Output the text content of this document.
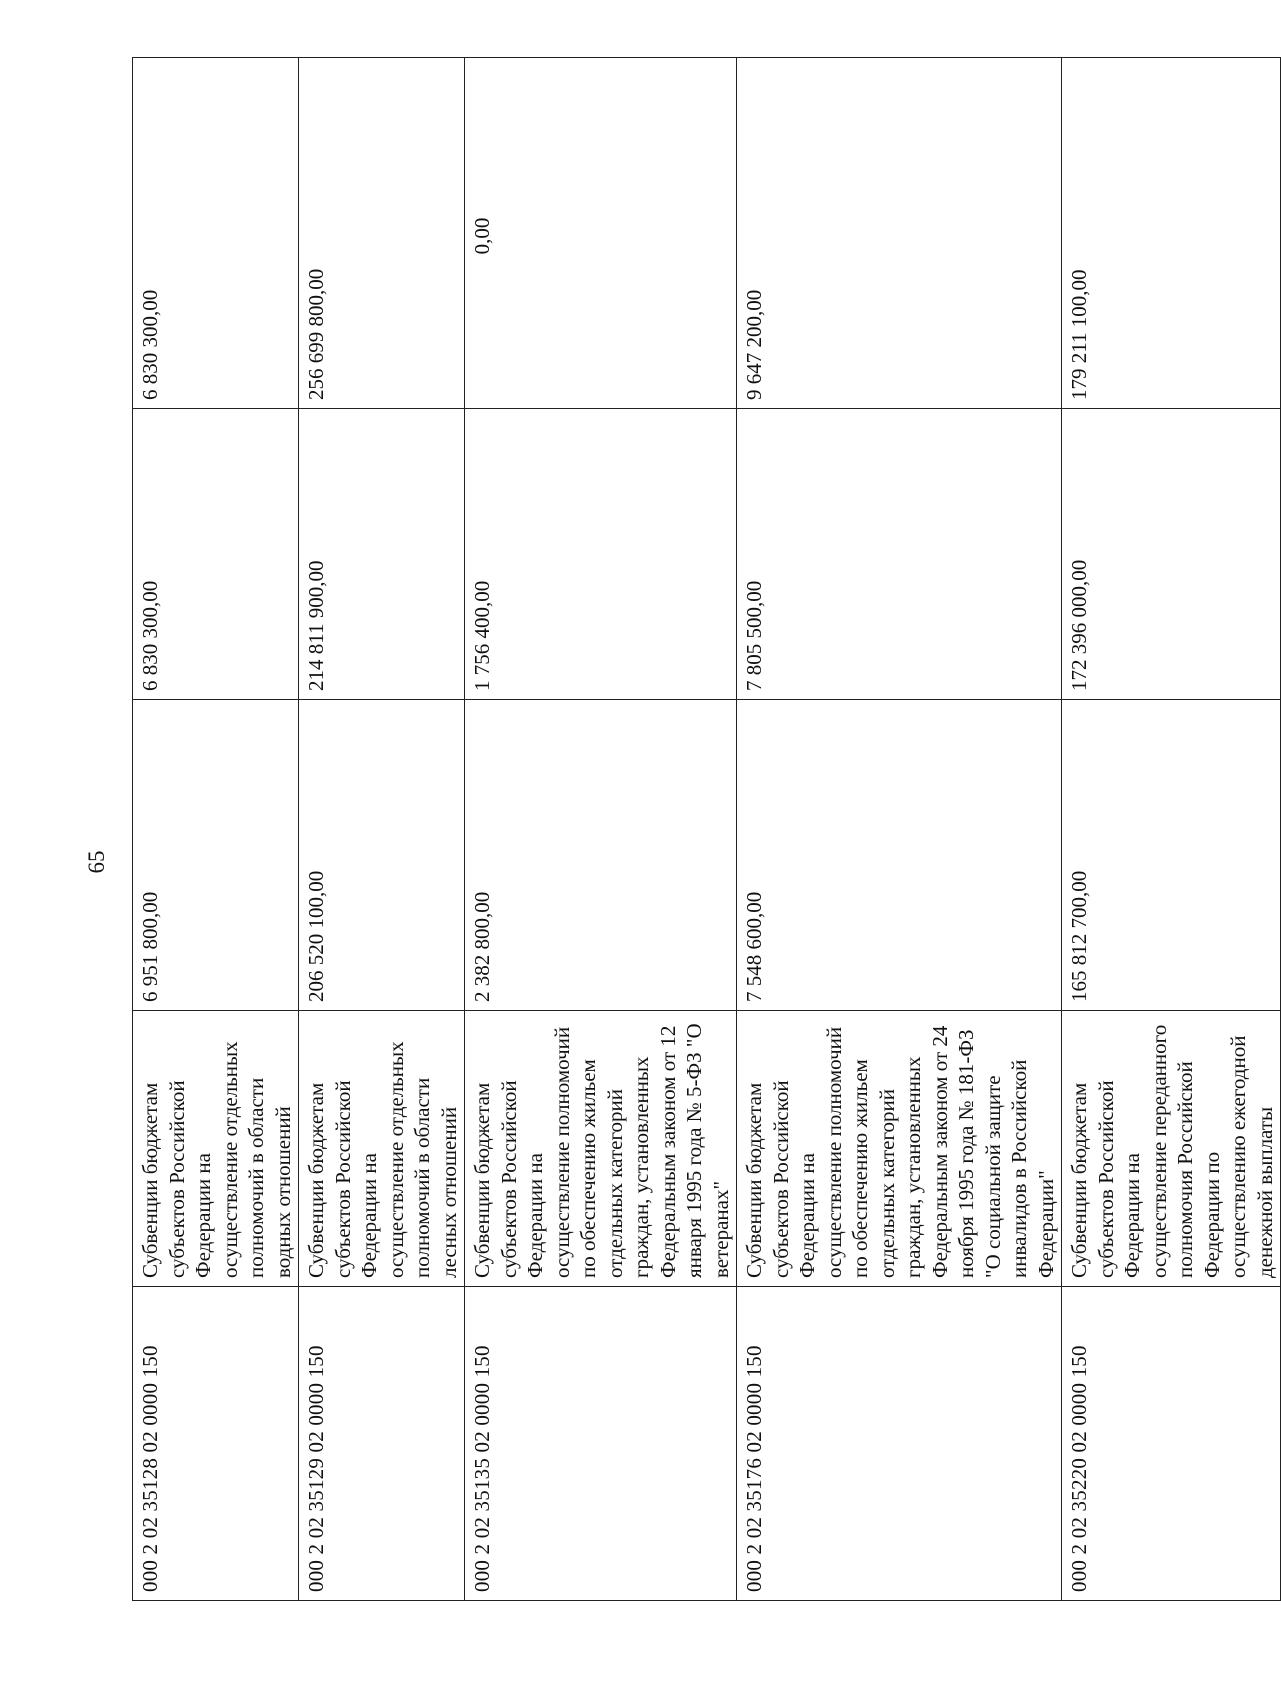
65
000 2 02 35128 02 0000 150	Субвенции бюджетам субъектов Российской Федерации на осуществление отдельных полномочий в области водных отношений	6 951 800,00	6 830 300,00	6 830 300,00
000 2 02 35129 02 0000 150	Субвенции бюджетам субъектов Российской Федерации на осуществление отдельных полномочий в области лесных отношений	206 520 100,00	214 811 900,00	256 699 800,00
000 2 02 35135 02 0000 150	Субвенции бюджетам субъектов Российской Федерации на осуществление полномочий по обеспечению жильем отдельных категорий граждан, установленных Федеральным законом от 12 января 1995 года № 5-ФЗ "О ветеранах"	2 382 800,00	1 756 400,00	0,00
000 2 02 35176 02 0000 150	Субвенции бюджетам субъектов Российской Федерации на осуществление полномочий по обеспечению жильем отдельных категорий граждан, установленных Федеральным законом от 24 ноября 1995 года № 181-ФЗ "О социальной защите инвалидов в Российской Федерации"	7 548 600,00	7 805 500,00	9 647 200,00
000 2 02 35220 02 0000 150	Субвенции бюджетам субъектов Российской Федерации на осуществление переданного полномочия Российской Федерации по осуществлению ежегодной денежной выплаты	165 812 700,00	172 396 000,00	179 211 100,00
